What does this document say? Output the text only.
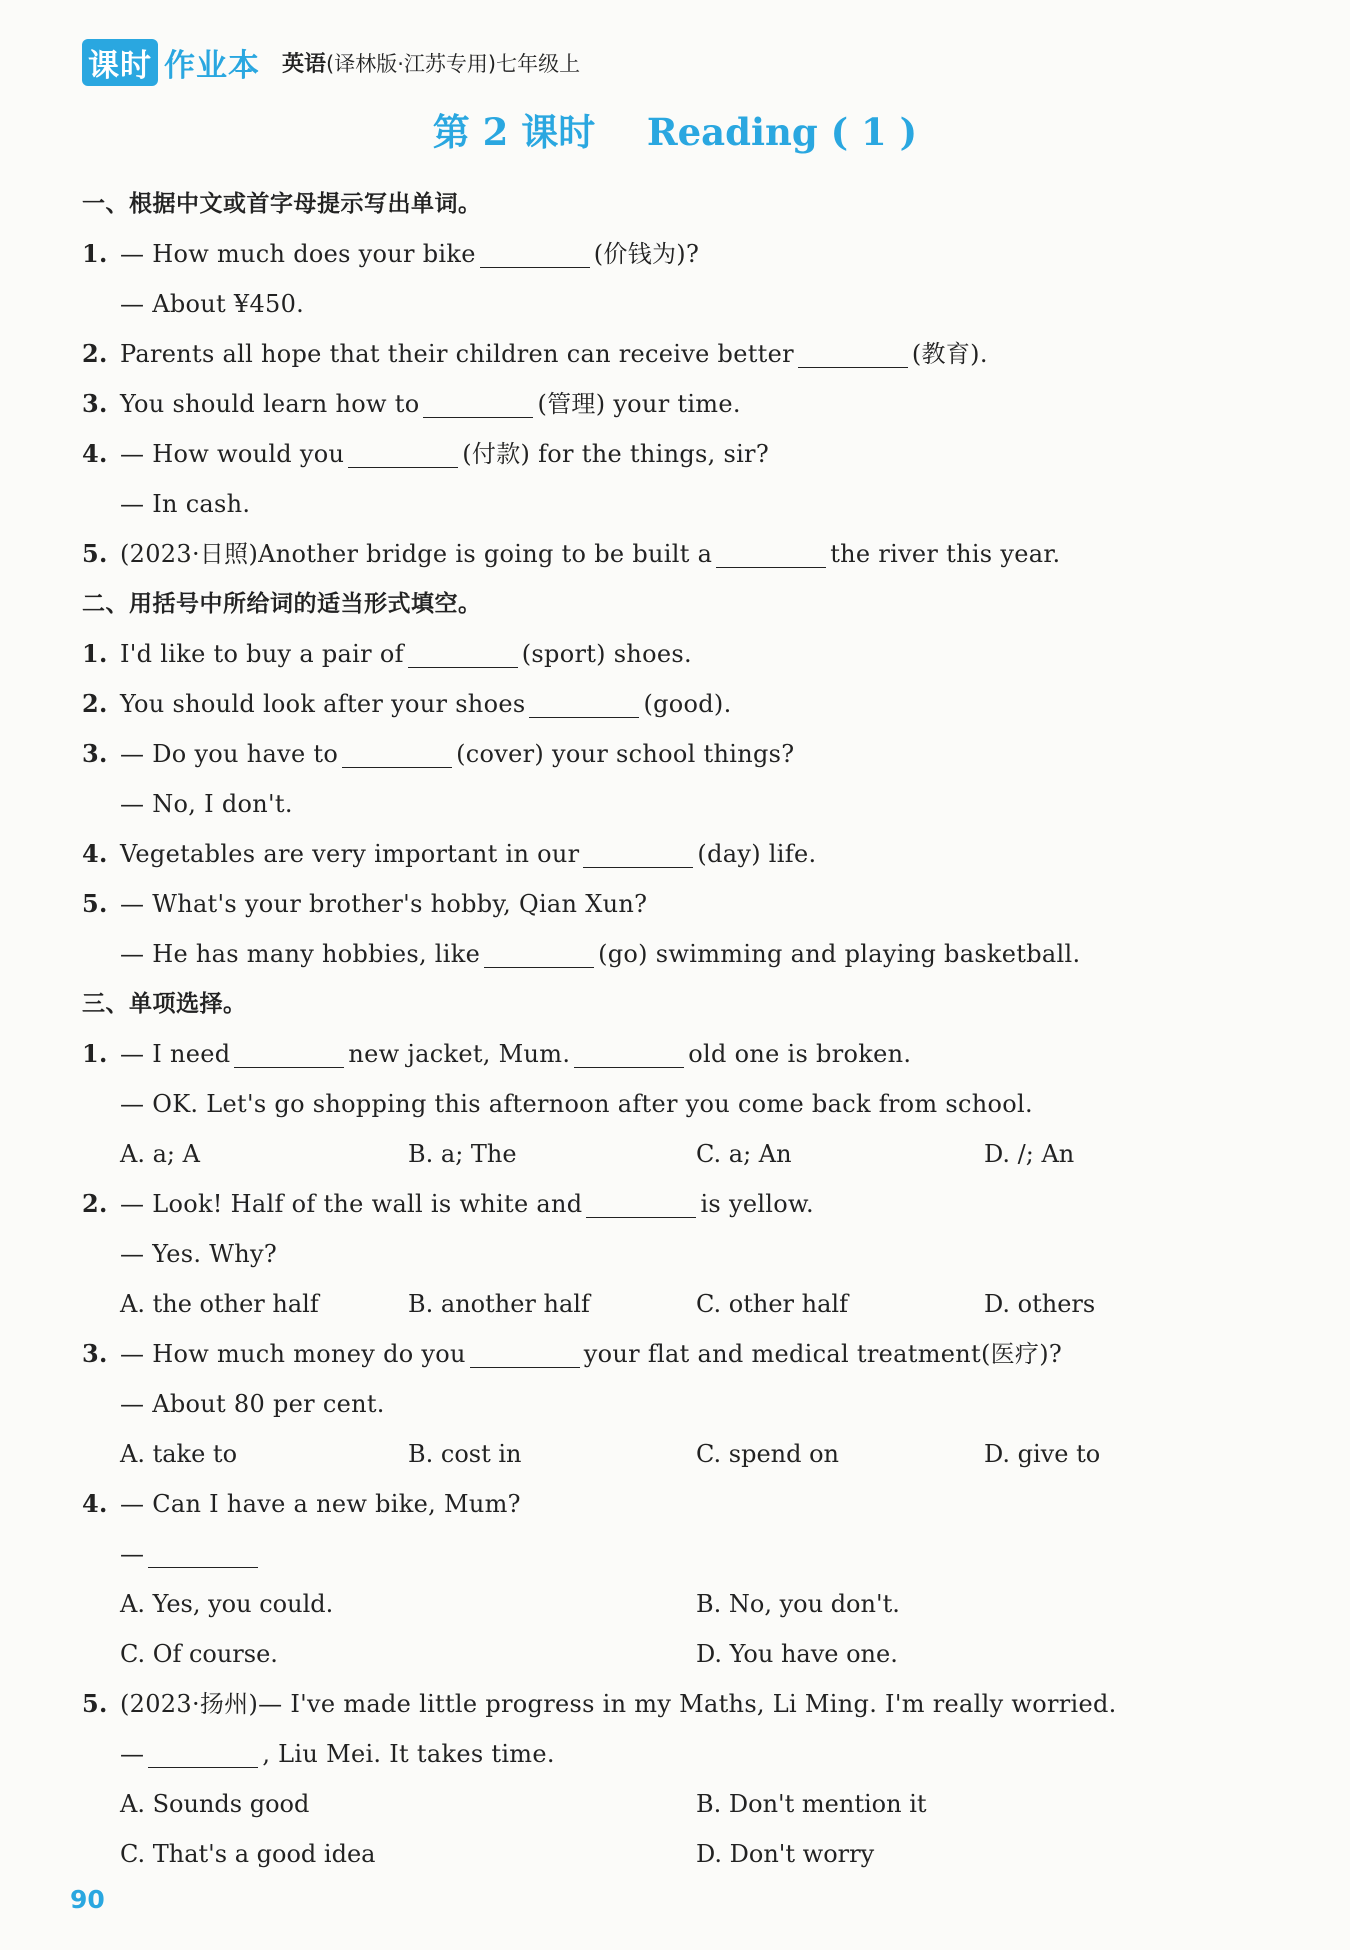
课时 作业本 英语(译林版·江苏专用)七年级上
第 2 课时    Reading ( 1 )
一、根据中文或首字母提示写出单词。
1. — How much does your bike	(价钱为)?
— About ¥450.
2. Parents all hope that their children can receive better	(教育).
3. You should learn how to	(管理) your time.
4. — How would you	(付款) for the things, sir?
— In cash.
5. (2023·日照)Another bridge is going to be built a	the river this year.
二、用括号中所给词的适当形式填空。
1. I'd like to buy a pair of	(sport) shoes.
2. You should look after your shoes	(good).
3. — Do you have to	(cover) your school things?
— No, I don't.
4. Vegetables are very important in our	(day) life.
5. — What's your brother's hobby, Qian Xun?
— He has many hobbies, like	(go) swimming and playing basketball.
三、单项选择。
1. — I need	new jacket, Mum.	old one is broken.
— OK. Let's go shopping this afternoon after you come back from school.
A. a; A	B. a; The	C. a; An	D. /; An
2. — Look! Half of the wall is white and	is yellow.
— Yes. Why?
A. the other half	B. another half	C. other half	D. others
3. — How much money do you	your flat and medical treatment(医疗)?
— About 80 per cent.
A. take to	B. cost in	C. spend on	D. give to
4. — Can I have a new bike, Mum?
—
A. Yes, you could.	B. No, you don't.
C. Of course.	D. You have one.
5. (2023·扬州)— I've made little progress in my Maths, Li Ming. I'm really worried.
—	, Liu Mei. It takes time.
A. Sounds good	B. Don't mention it
C. That's a good idea	D. Don't worry
90
